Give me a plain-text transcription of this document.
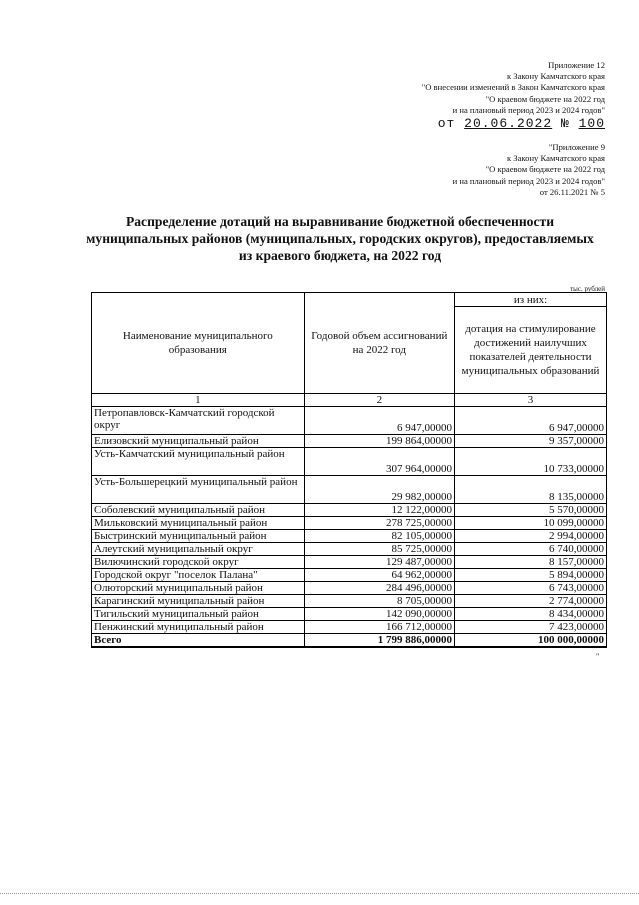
Приложение 12
к Закону Камчатского края
"О внесении изменений в Закон Камчатского края
"О краевом бюджете на 2022 год
и на плановый период 2023 и 2024 годов"
от 20.06.2022 № 100
"Приложение 9
к Закону Камчатского края
"О краевом бюджете на 2022 год
и на плановый период 2023 и 2024 годов"
от 26.11.2021 № 5
Распределение дотаций на выравнивание бюджетной обеспеченности муниципальных районов (муниципальных, городских округов), предоставляемых из краевого бюджета, на 2022 год
тыс. рублей
Наименование муниципального образования	Годовой объем ассигнований на 2022 год	из них:
		дотация на стимулирование достижений наилучших показателей деятельности муниципальных образований
1	2	3
Петропавловск-Камчатский городской округ	6 947,00000	6 947,00000
Елизовский муниципальный район	199 864,00000	9 357,00000
Усть-Камчатский муниципальный район	307 964,00000	10 733,00000
Усть-Большерецкий муниципальный район	29 982,00000	8 135,00000
Соболевский муниципальный район	12 122,00000	5 570,00000
Мильковский муниципальный район	278 725,00000	10 099,00000
Быстринский муниципальный район	82 105,00000	2 994,00000
Алеутский муниципальный округ	85 725,00000	6 740,00000
Вилючинский городской округ	129 487,00000	8 157,00000
Городской округ "поселок Палана"	64 962,00000	5 894,00000
Олюторский муниципальный район	284 496,00000	6 743,00000
Карагинский муниципальный район	8 705,00000	2 774,00000
Тигильский муниципальный район	142 090,00000	8 434,00000
Пенжинский муниципальный район	166 712,00000	7 423,00000
Всего	1 799 886,00000	100 000,00000
"
